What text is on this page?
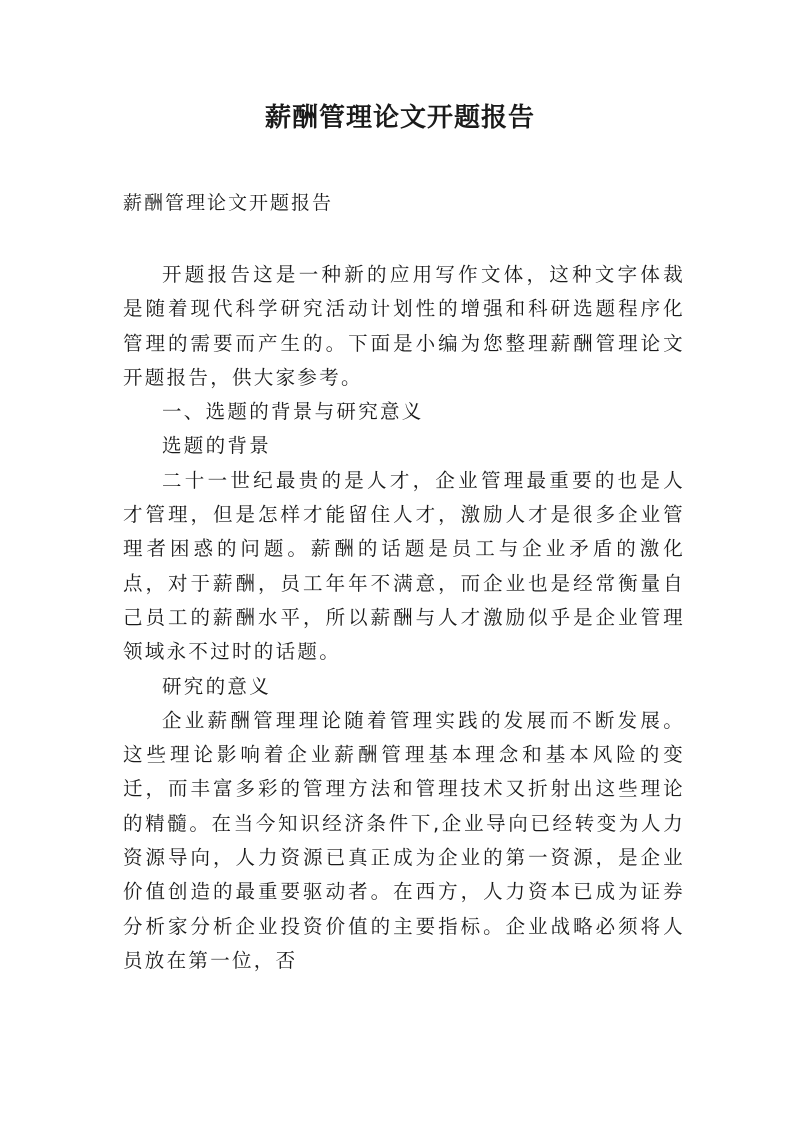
薪酬管理论文开题报告
薪酬管理论文开题报告

开题报告这是一种新的应用写作文体，这种文字体裁是随着现代科学研究活动计划性的增强和科研选题程序化管理的需要而产生的。下面是小编为您整理薪酬管理论文开题报告，供大家参考。

一、选题的背景与研究意义

选题的背景

二十一世纪最贵的是人才，企业管理最重要的也是人才管理，但是怎样才能留住人才，激励人才是很多企业管理者困惑的问题。薪酬的话题是员工与企业矛盾的激化点，对于薪酬，员工年年不满意，而企业也是经常衡量自己员工的薪酬水平，所以薪酬与人才激励似乎是企业管理领域永不过时的话题。

研究的意义

企业薪酬管理理论随着管理实践的发展而不断发展。这些理论影响着企业薪酬管理基本理念和基本风险的变迁，而丰富多彩的管理方法和管理技术又折射出这些理论的精髓。在当今知识经济条件下,企业导向已经转变为人力资源导向，人力资源已真正成为企业的第一资源，是企业价值创造的最重要驱动者。在西方，人力资本已成为证券分析家分析企业投资价值的主要指标。企业战略必须将人员放在第一位，否
